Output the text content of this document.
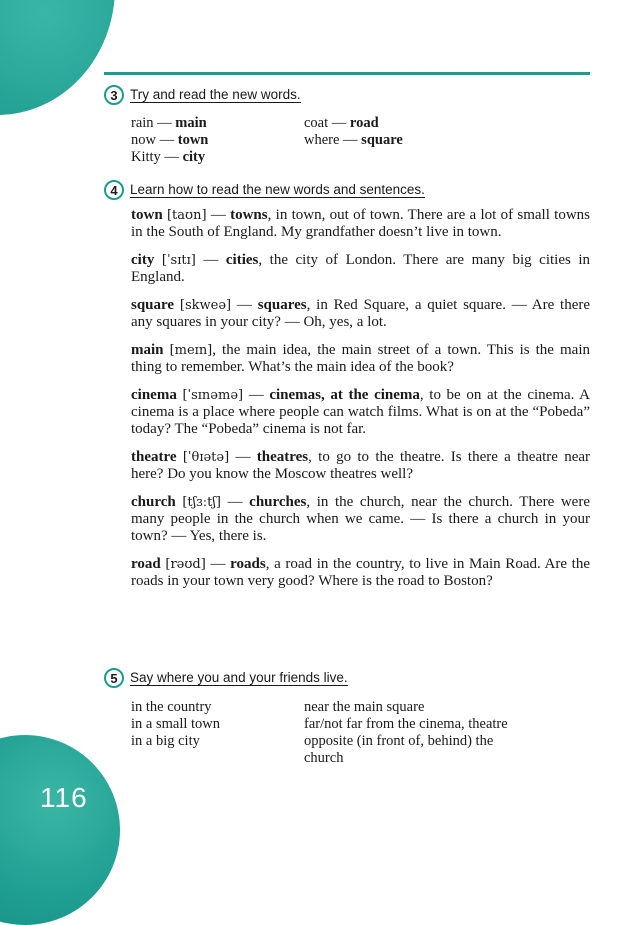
116
3 Try and read the new words.
rain — main	coat — road
now — town	where — square
Kitty — city
4 Learn how to read the new words and sentences.
town [taʊn] — towns, in town, out of town. There are a lot of small towns in the South of England. My grandfather doesn’t live in town.
city [ˈsɪtɪ] — cities, the city of London. There are many big cities in England.
square [skweə] — squares, in Red Square, a quiet square. — Are there any squares in your city? — Oh, yes, a lot.
main [meɪn], the main idea, the main street of a town. This is the main thing to remember. What’s the main idea of the book?
cinema [ˈsɪnəmə] — cinemas, at the cinema, to be on at the cinema. A cinema is a place where people can watch films. What is on at the “Pobeda” today? The “Pobeda” cinema is not far.
theatre [ˈθɪətə] — theatres, to go to the theatre. Is there a theatre near here? Do you know the Moscow theatres well?
church [tʃɜːtʃ] — churches, in the church, near the church. There were many people in the church when we came. — Is there a church in your town? — Yes, there is.
road [rəʊd] — roads, a road in the country, to live in Main Road. Are the roads in your town very good? Where is the road to Boston?
5 Say where you and your friends live.
in the country	near the main square
in a small town	far/not far from the cinema, theatre
in a big city	opposite (in front of, behind) the
church
